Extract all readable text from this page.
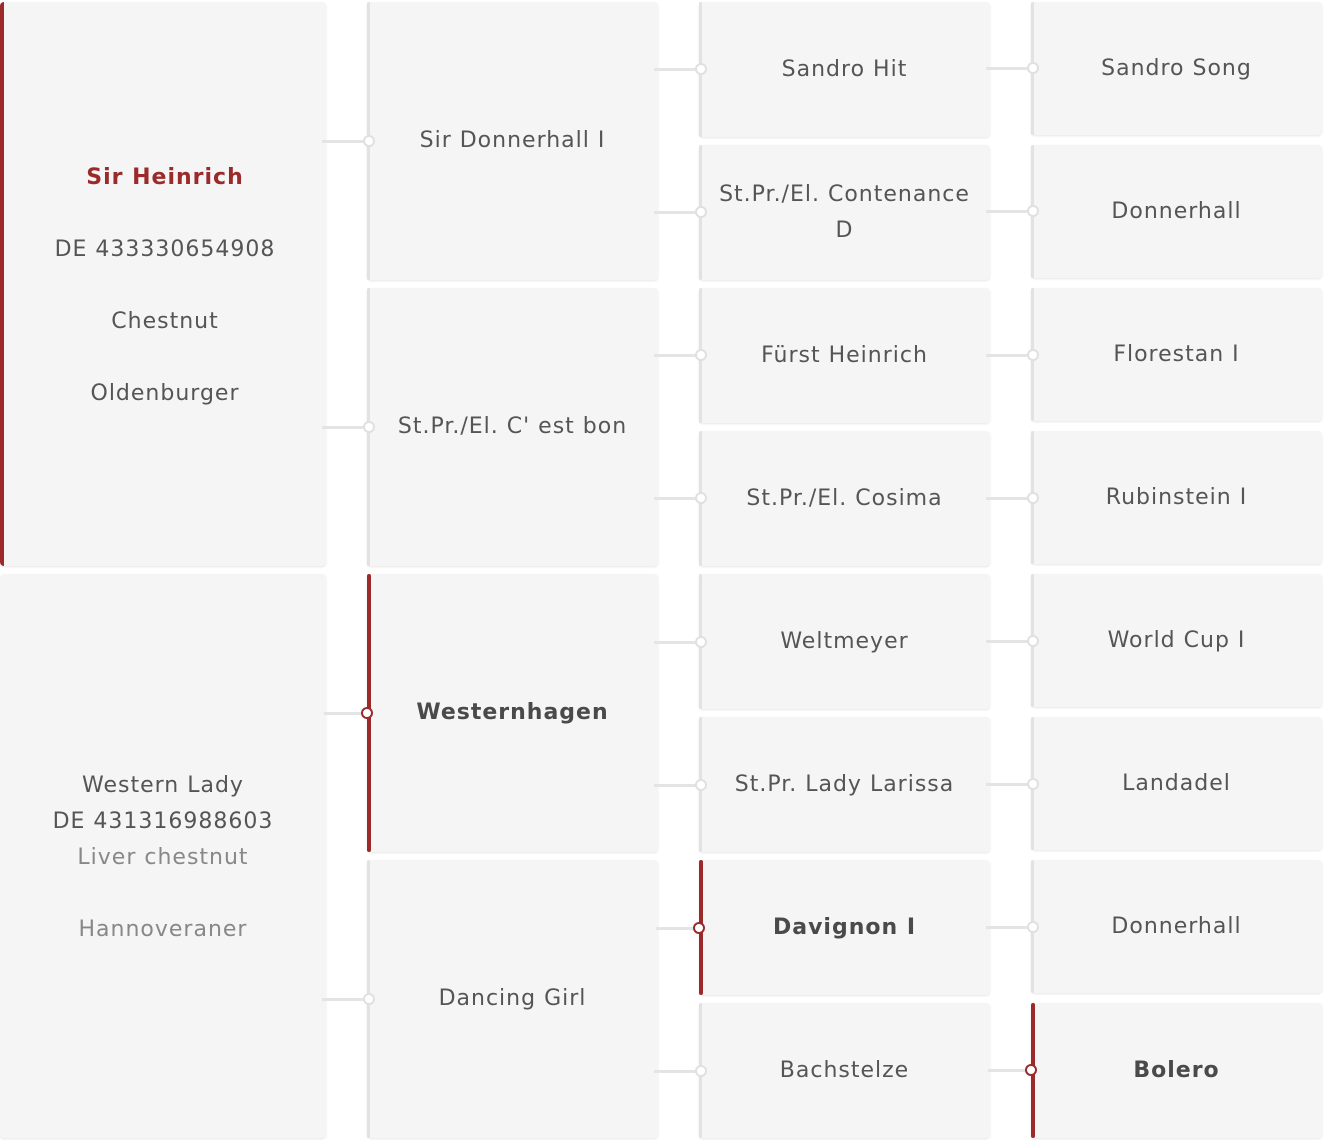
Sir Heinrich
DE 433330654908
Chestnut
Oldenburger
Western Lady
DE 431316988603
Liver chestnut
Hannoveraner
Sir Donnerhall I
St.Pr./El. C' est bon
Westernhagen
Dancing Girl
Sandro Hit
St.Pr./El. Contenance D
Fürst Heinrich
St.Pr./El. Cosima
Weltmeyer
St.Pr. Lady Larissa
Davignon I
Bachstelze
Sandro Song
Donnerhall
Florestan I
Rubinstein I
World Cup I
Landadel
Donnerhall
Bolero
